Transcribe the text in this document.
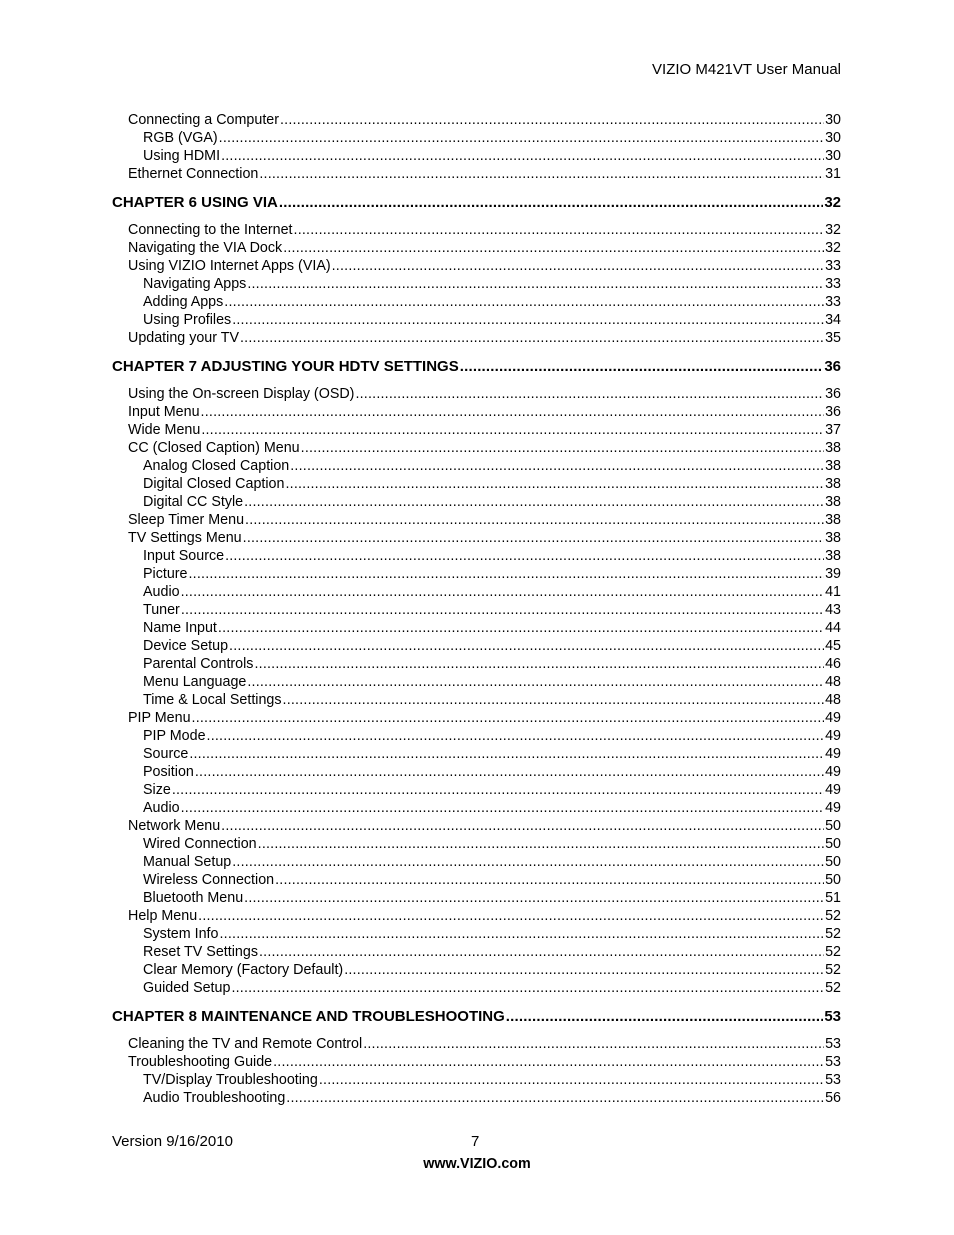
VIZIO M421VT User Manual
Connecting a Computer .....	30
RGB (VGA) .....	30
Using HDMI .....	30
Ethernet Connection .....	31
CHAPTER 6 USING VIA .....	32
Connecting to the Internet .....	32
Navigating the VIA Dock .....	32
Using VIZIO Internet Apps (VIA) .....	33
Navigating Apps .....	33
Adding Apps .....	33
Using Profiles .....	34
Updating your TV .....	35
CHAPTER 7 ADJUSTING YOUR HDTV SETTINGS .....	36
Using the On-screen Display (OSD) .....	36
Input Menu .....	36
Wide Menu .....	37
CC (Closed Caption) Menu .....	38
Analog Closed Caption .....	38
Digital Closed Caption .....	38
Digital CC Style .....	38
Sleep Timer Menu .....	38
TV Settings Menu .....	38
Input Source .....	38
Picture .....	39
Audio .....	41
Tuner .....	43
Name Input .....	44
Device Setup .....	45
Parental Controls .....	46
Menu Language .....	48
Time & Local Settings .....	48
PIP Menu .....	49
PIP Mode .....	49
Source .....	49
Position .....	49
Size .....	49
Audio .....	49
Network Menu .....	50
Wired Connection .....	50
Manual Setup .....	50
Wireless Connection .....	50
Bluetooth Menu .....	51
Help Menu .....	52
System Info .....	52
Reset TV Settings .....	52
Clear Memory (Factory Default) .....	52
Guided Setup .....	52
CHAPTER 8 MAINTENANCE AND TROUBLESHOOTING .....	53
Cleaning the TV and Remote Control .....	53
Troubleshooting Guide .....	53
TV/Display Troubleshooting .....	53
Audio Troubleshooting .....	56
Version 9/16/2010	7
www.VIZIO.com
